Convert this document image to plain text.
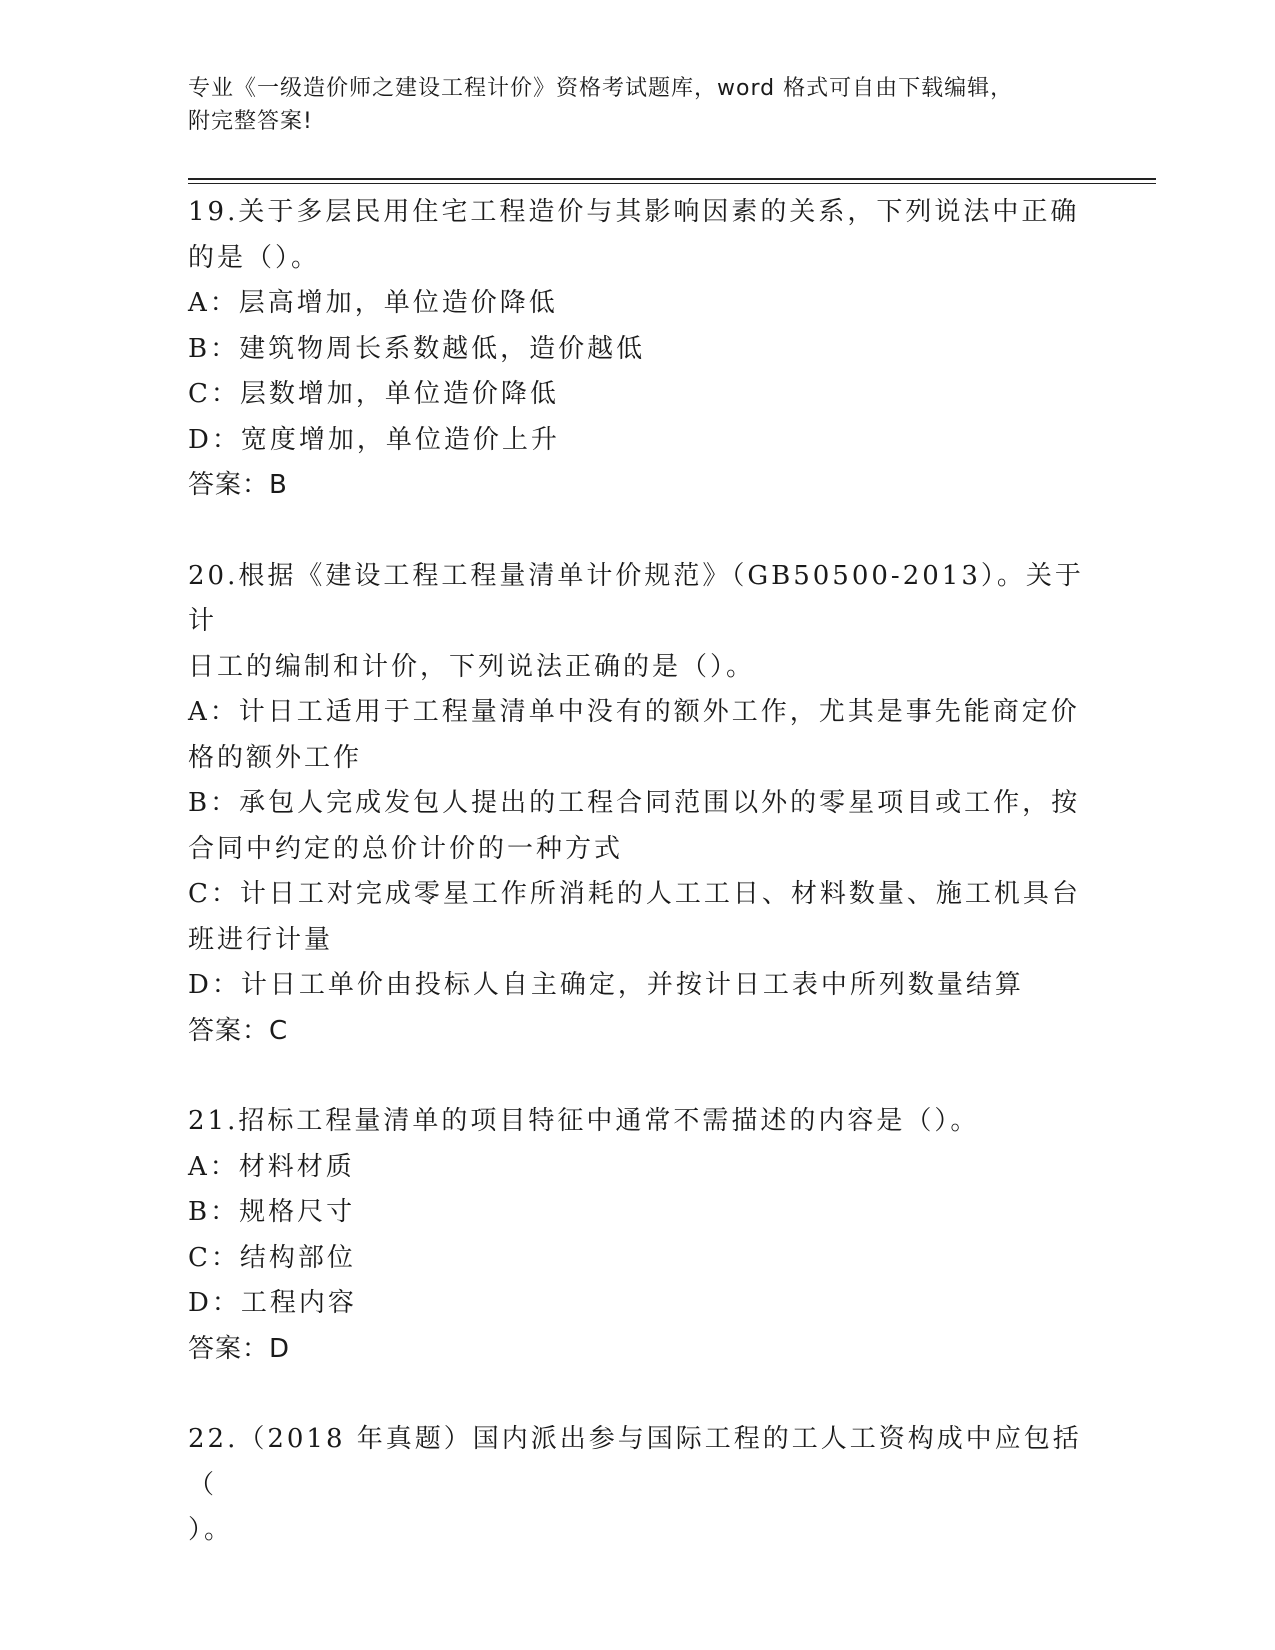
专业《一级造价师之建设工程计价》资格考试题库，word 格式可自由下载编辑，
附完整答案!
19.关于多层民用住宅工程造价与其影响因素的关系，下列说法中正确
的是（）。
A：层高增加，单位造价降低
B：建筑物周长系数越低，造价越低
C：层数增加，单位造价降低
D：宽度增加，单位造价上升
答案：B
20.根据《建设工程工程量清单计价规范》（GB50500-2013）。关于计
日工的编制和计价，下列说法正确的是（）。
A：计日工适用于工程量清单中没有的额外工作，尤其是事先能商定价
格的额外工作
B：承包人完成发包人提出的工程合同范围以外的零星项目或工作，按
合同中约定的总价计价的一种方式
C：计日工对完成零星工作所消耗的人工工日、材料数量、施工机具台
班进行计量
D：计日工单价由投标人自主确定，并按计日工表中所列数量结算
答案：C
21.招标工程量清单的项目特征中通常不需描述的内容是（）。
A：材料材质
B：规格尺寸
C：结构部位
D：工程内容
答案：D
22.（2018 年真题）国内派出参与国际工程的工人工资构成中应包括（
）。
